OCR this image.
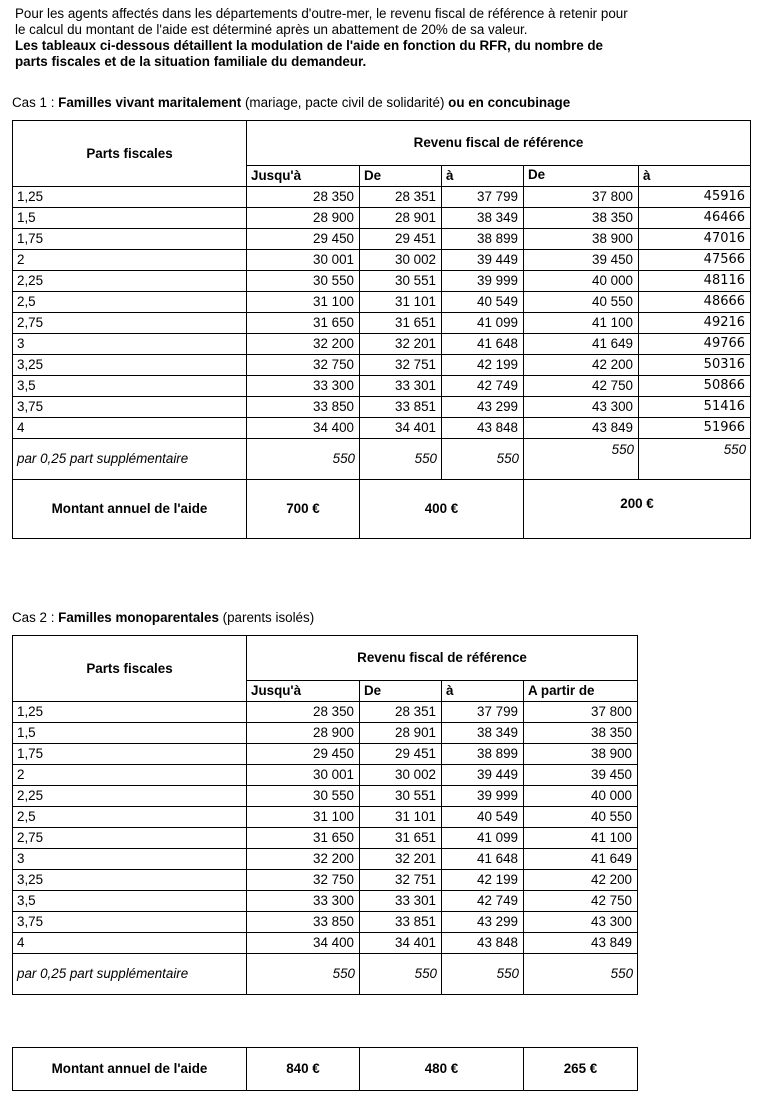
Pour les agents affectés dans les départements d'outre-mer, le revenu fiscal de référence à retenir pour
le calcul du montant de l'aide est déterminé après un abattement de 20% de sa valeur.
Les tableaux ci-dessous détaillent la modulation de l'aide en fonction du RFR, du nombre de
parts fiscales et de la situation familiale du demandeur.
Cas 1 : Familles vivant maritalement (mariage, pacte civil de solidarité) ou en concubinage
Parts fiscales	Revenu fiscal de référence				
	Jusqu'à	De	à	De	à
1,25	28 350	28 351	37 799	37 800	45916
1,5	28 900	28 901	38 349	38 350	46466
1,75	29 450	29 451	38 899	38 900	47016
2	30 001	30 002	39 449	39 450	47566
2,25	30 550	30 551	39 999	40 000	48116
2,5	31 100	31 101	40 549	40 550	48666
2,75	31 650	31 651	41 099	41 100	49216
3	32 200	32 201	41 648	41 649	49766
3,25	32 750	32 751	42 199	42 200	50316
3,5	33 300	33 301	42 749	42 750	50866
3,75	33 850	33 851	43 299	43 300	51416
4	34 400	34 401	43 848	43 849	51966
par 0,25 part supplémentaire	550	550	550	550	550
Montant annuel de l'aide	700 €	400 €		200 €	
Cas 2 : Familles monoparentales (parents isolés)
Parts fiscales	Revenu fiscal de référence			
	Jusqu'à	De	à	A partir de
1,25	28 350	28 351	37 799	37 800
1,5	28 900	28 901	38 349	38 350
1,75	29 450	29 451	38 899	38 900
2	30 001	30 002	39 449	39 450
2,25	30 550	30 551	39 999	40 000
2,5	31 100	31 101	40 549	40 550
2,75	31 650	31 651	41 099	41 100
3	32 200	32 201	41 648	41 649
3,25	32 750	32 751	42 199	42 200
3,5	33 300	33 301	42 749	42 750
3,75	33 850	33 851	43 299	43 300
4	34 400	34 401	43 848	43 849
par 0,25 part supplémentaire	550	550	550	550
Montant annuel de l'aide	840 €	480 €	265 €
